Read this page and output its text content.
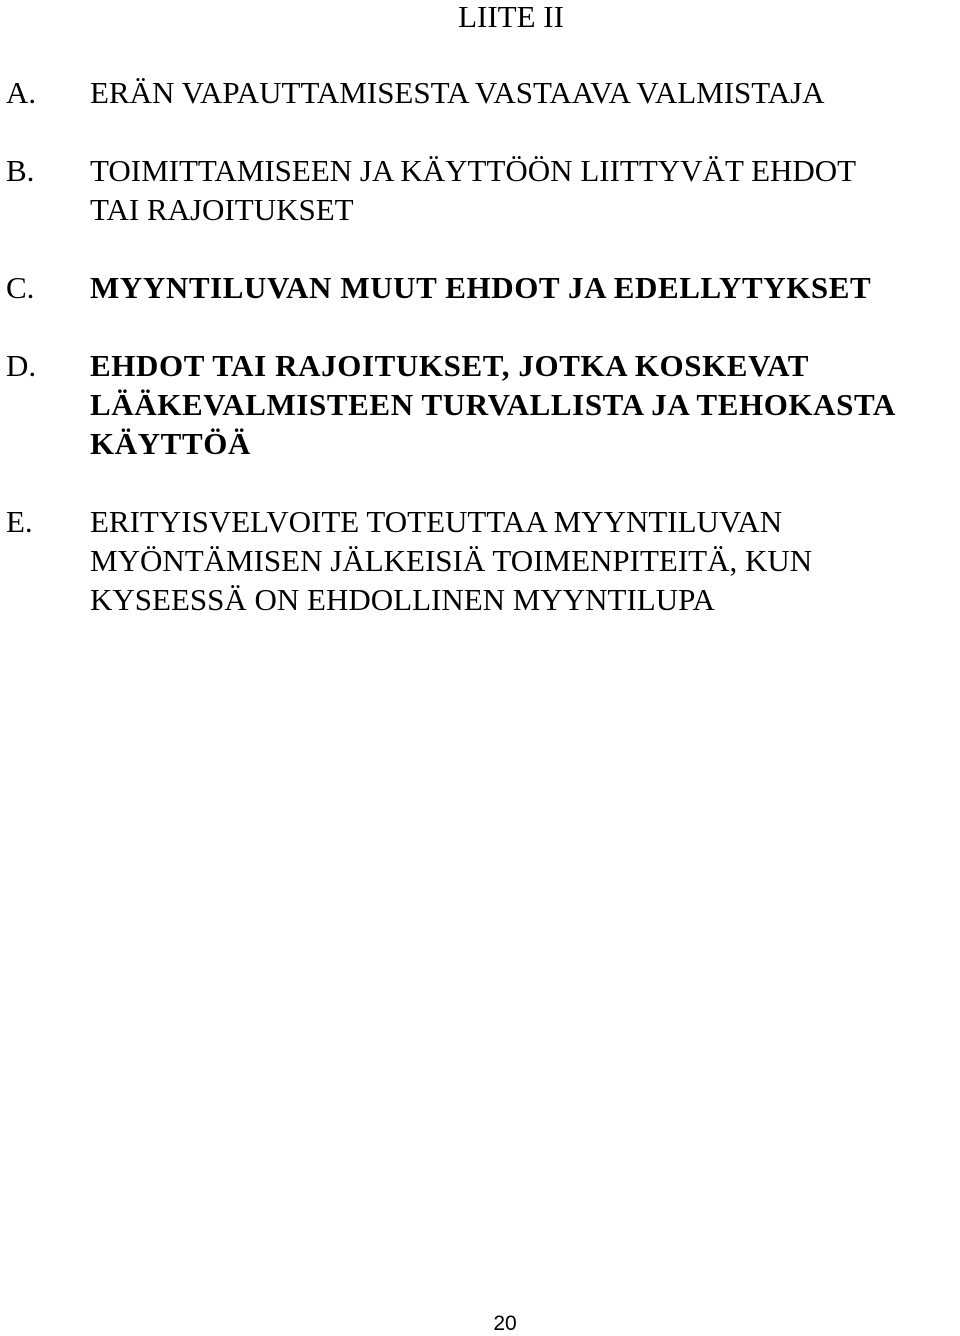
LIITE II
A. ERÄN VAPAUTTAMISESTA VASTAAVA VALMISTAJA
B. TOIMITTAMISEEN JA KÄYTTÖÖN LIITTYVÄT EHDOT
TAI RAJOITUKSET
C. MYYNTILUVAN MUUT EHDOT JA EDELLYTYKSET
D. EHDOT TAI RAJOITUKSET, JOTKA KOSKEVAT
LÄÄKEVALMISTEEN TURVALLISTA JA TEHOKASTA
KÄYTTÖÄ
E. ERITYISVELVOITE TOTEUTTAA MYYNTILUVAN
MYÖNTÄMISEN JÄLKEISIÄ TOIMENPITEITÄ, KUN
KYSEESSÄ ON EHDOLLINEN MYYNTILUPA
20
